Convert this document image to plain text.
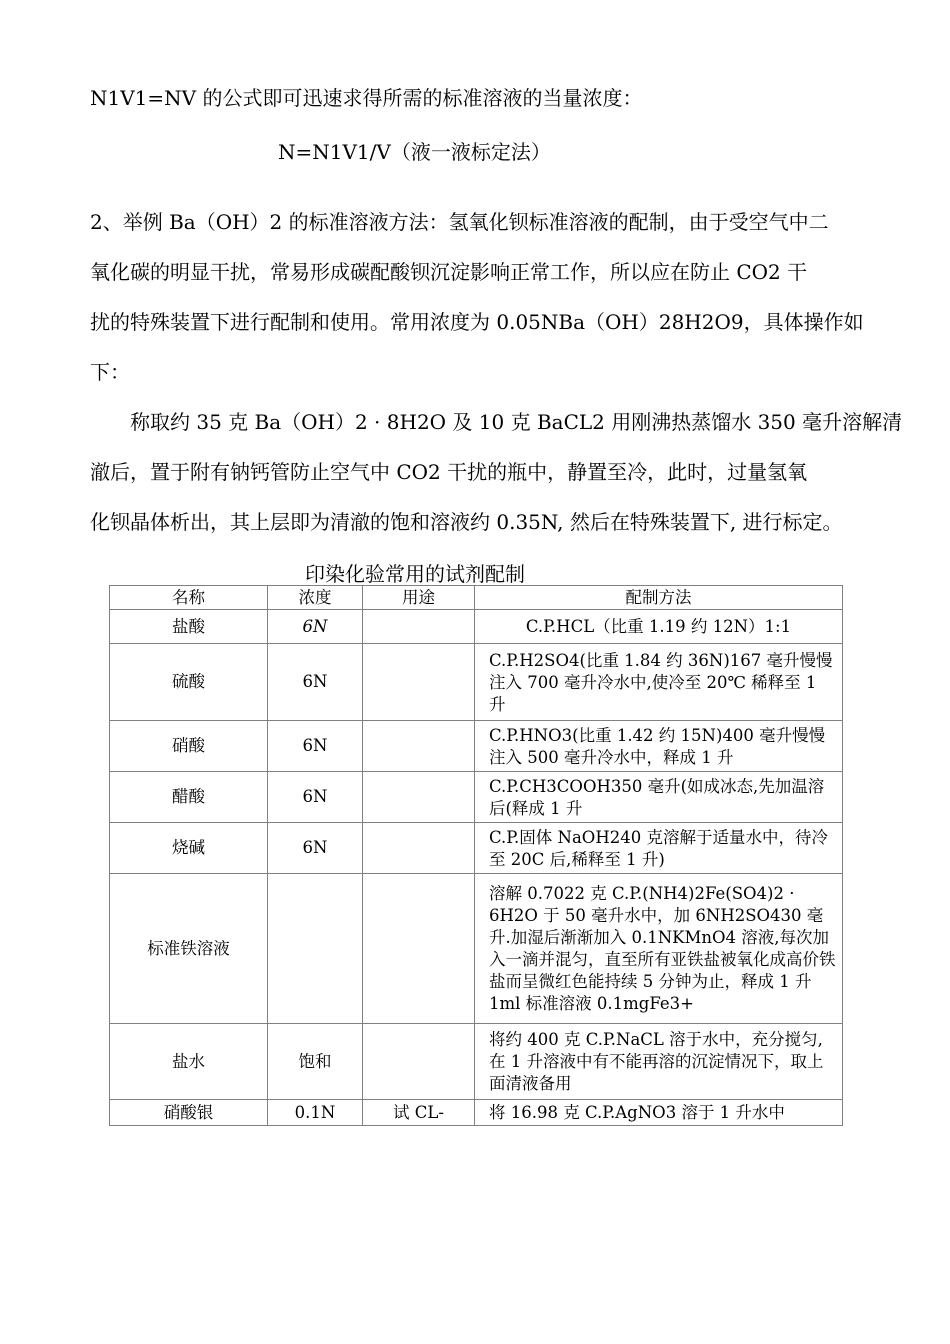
N1V1=NV 的公式即可迅速求得所需的标准溶液的当量浓度：
N=N1V1/V（液一液标定法）
2、举例 Ba（OH）2 的标准溶液方法：氢氧化钡标准溶液的配制，由于受空气中二
氧化碳的明显干扰，常易形成碳配酸钡沉淀影响正常工作，所以应在防止 CO2 干
扰的特殊装置下进行配制和使用。常用浓度为 0.05NBa（OH）28H2O9，具体操作如
下：
称取约 35 克 Ba（OH）2 · 8H2O 及 10 克 BaCL2 用刚沸热蒸馏水 350 毫升溶解清
澈后，置于附有钠钙管防止空气中 CO2 干扰的瓶中，静置至冷，此时，过量氢氧
化钡晶体析出，其上层即为清澈的饱和溶液约 0.35N, 然后在特殊装置下, 进行标定。
印染化验常用的试剂配制
名称	浓度	用途	配制方法
盐酸	6N		C.P.HCL（比重 1.19 约 12N）1:1
硫酸	6N		C.P.H2SO4(比重 1.84 约 36N)167 毫升慢慢注入 700 毫升冷水中,使冷至 20℃ 稀释至 1 升
硝酸	6N		C.P.HNO3(比重 1.42 约 15N)400 毫升慢慢注入 500 毫升冷水中，释成 1 升
醋酸	6N		C.P.CH3COOH350 毫升(如成冰态,先加温溶后(释成 1 升
烧碱	6N		C.P.固体 NaOH240 克溶解于适量水中，待冷至 20C 后,稀释至 1 升)
标准铁溶液			溶解 0.7022 克 C.P.(NH4)2Fe(SO4)2 · 6H2O 于 50 毫升水中，加 6NH2SO430 毫升.加湿后渐渐加入 0.1NKMnO4 溶液,每次加入一滴并混匀，直至所有亚铁盐被氧化成高价铁盐而呈微红色能持续 5 分钟为止，释成 1 升 1ml 标准溶液 0.1mgFe3+
盐水	饱和		将约 400 克 C.P.NaCL 溶于水中，充分搅匀, 在 1 升溶液中有不能再溶的沉淀情况下，取上面清液备用
硝酸银	0.1N	试 CL-	将 16.98 克 C.P.AgNO3 溶于 1 升水中
